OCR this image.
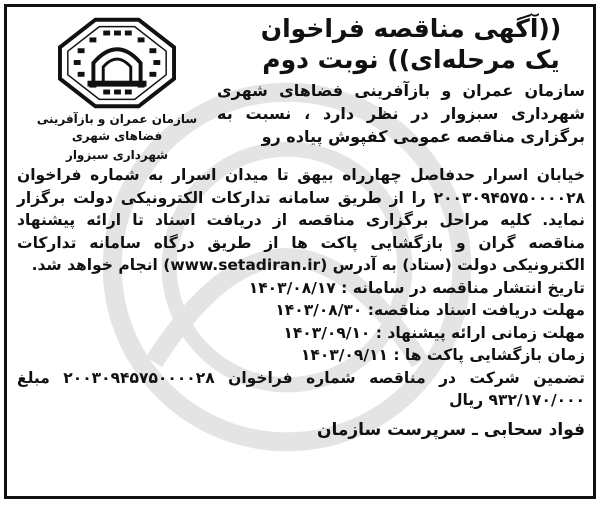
((آگهی مناقصه فراخوان
یک مرحله‌ای)) نوبت دوم
سازمان عمران و بازآفرینی فضاهای شهری شهرداری سبزوار در نظر دارد ، نسبت به برگزاری مناقصه عمومی کفپوش پیاده رو
سازمان عمران و بازآفرینی فضاهای شهری
شهرداری سبزوار
خیابان اسرار حدفاصل چهارراه بیهق تا میدان اسرار به شماره فراخوان ۲۰۰۳۰۹۴۵۷۵۰۰۰۰۲۸ را از طریق سامانه تدارکات الکترونیکی دولت برگزار نماید. کلیه مراحل برگزاری مناقصه از دریافت اسناد تا ارائه پیشنهاد مناقصه گران و بازگشایی پاکت ها از طریق درگاه سامانه تدارکات الکترونیکی دولت (ستاد) به آدرس (www.setadiran.ir) انجام خواهد شد.
تاریخ انتشار مناقصه در سامانه : ۱۴۰۳/۰۸/۱۷
مهلت دریافت اسناد مناقصه: ۱۴۰۳/۰۸/۳۰
مهلت زمانی ارائه پیشنهاد : ۱۴۰۳/۰۹/۱۰
زمان بازگشایی پاکت ها : ۱۴۰۳/۰۹/۱۱
تضمین شرکت در مناقصه شماره فراخوان ۲۰۰۳۰۹۴۵۷۵۰۰۰۰۲۸ مبلغ ۹۳۲/۱۷۰/۰۰۰ ریال
فواد سحابی ـ سرپرست سازمان
